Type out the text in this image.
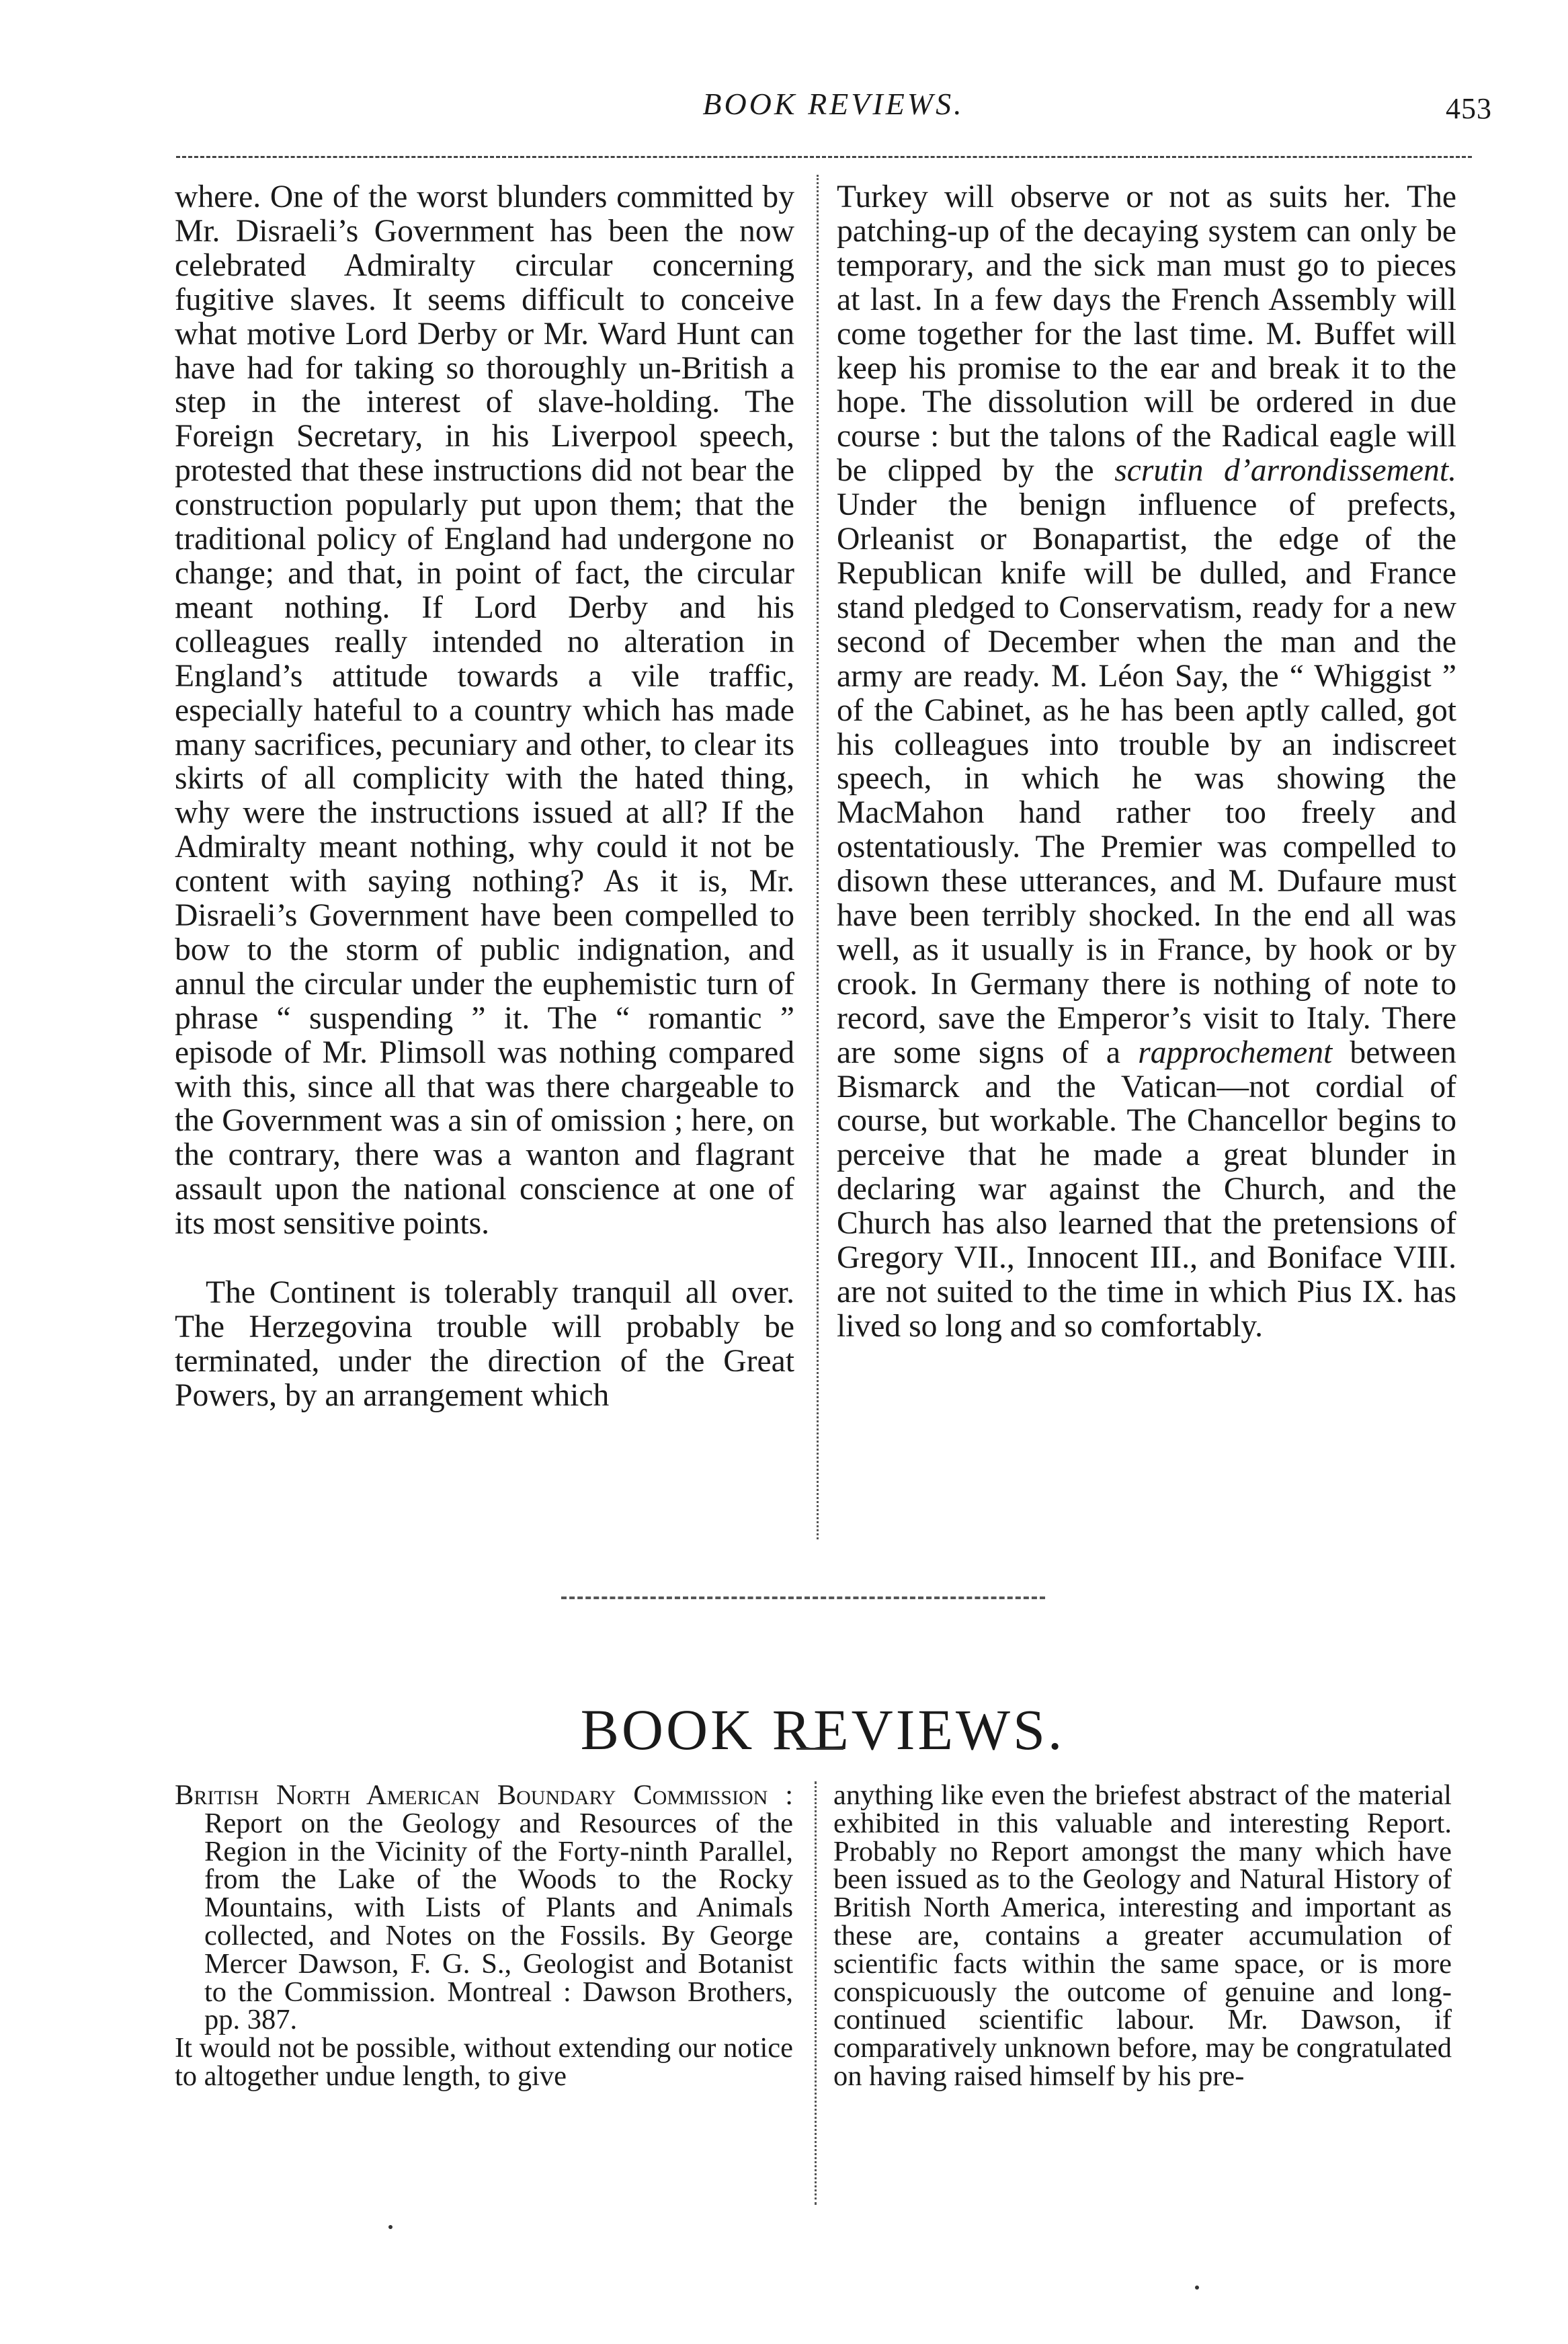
BOOK REVIEWS.	453

where. One of the worst blunders committed by Mr. Disraeli’s Government has been the now celebrated Admiralty circular concerning fugitive slaves. It seems difficult to conceive what motive Lord Derby or Mr. Ward Hunt can have had for taking so thoroughly un-British a step in the interest of slave-holding. The Foreign Secretary, in his Liverpool speech, protested that these instructions did not bear the construction popularly put upon them; that the traditional policy of England had undergone no change; and that, in point of fact, the circular meant nothing. If Lord Derby and his colleagues really intended no alteration in England’s attitude towards a vile traffic, especially hateful to a country which has made many sacrifices, pecuniary and other, to clear its skirts of all complicity with the hated thing, why were the instructions issued at all? If the Admiralty meant nothing, why could it not be content with saying nothing? As it is, Mr. Disraeli’s Government have been compelled to bow to the storm of public indignation, and annul the circular under the euphemistic turn of phrase “ suspending ” it. The “ romantic ” episode of Mr. Plimsoll was nothing compared with this, since all that was there chargeable to the Government was a sin of omission ; here, on the contrary, there was a wanton and flagrant assault upon the national conscience at one of its most sensitive points.

The Continent is tolerably tranquil all over. The Herzegovina trouble will probably be terminated, under the direction of the Great Powers, by an arrangement which

Turkey will observe or not as suits her. The patching-up of the decaying system can only be temporary, and the sick man must go to pieces at last. In a few days the French Assembly will come together for the last time. M. Buffet will keep his promise to the ear and break it to the hope. The dissolution will be ordered in due course : but the talons of the Radical eagle will be clipped by the scrutin d’arrondissement. Under the benign influence of prefects, Orleanist or Bonapartist, the edge of the Republican knife will be dulled, and France stand pledged to Conservatism, ready for a new second of December when the man and the army are ready. M. Léon Say, the “ Whiggist ” of the Cabinet, as he has been aptly called, got his colleagues into trouble by an indiscreet speech, in which he was showing the MacMahon hand rather too freely and ostentatiously. The Premier was compelled to disown these utterances, and M. Dufaure must have been terribly shocked. In the end all was well, as it usually is in France, by hook or by crook. In Germany there is nothing of note to record, save the Emperor’s visit to Italy. There are some signs of a rapprochement between Bismarck and the Vatican—not cordial of course, but workable. The Chancellor begins to perceive that he made a great blunder in declaring war against the Church, and the Church has also learned that the pretensions of Gregory VII., Innocent III., and Boniface VIII. are not suited to the time in which Pius IX. has lived so long and so comfortably.

BOOK REVIEWS.

British North American Boundary Commission : Report on the Geology and Resources of the Region in the Vicinity of the Forty-ninth Parallel, from the Lake of the Woods to the Rocky Mountains, with Lists of Plants and Animals collected, and Notes on the Fossils. By George Mercer Dawson, F. G. S., Geologist and Botanist to the Commission. Montreal : Dawson Brothers, pp. 387.

It would not be possible, without extending our notice to altogether undue length, to give

anything like even the briefest abstract of the material exhibited in this valuable and interesting Report. Probably no Report amongst the many which have been issued as to the Geology and Natural History of British North America, interesting and important as these are, contains a greater accumulation of scientific facts within the same space, or is more conspicuously the outcome of genuine and long-continued scientific labour. Mr. Dawson, if comparatively unknown before, may be congratulated on having raised himself by his pre-
